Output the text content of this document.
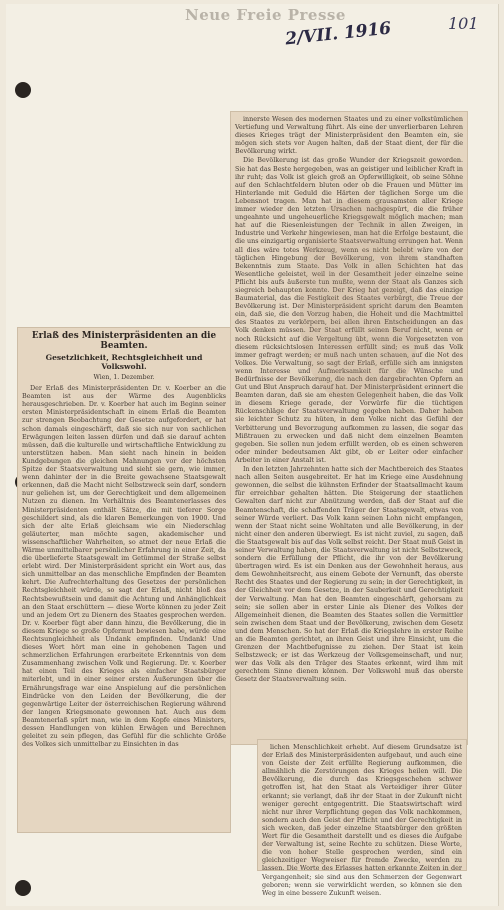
Neue Freie Presse
2/VII. 1916	101

innerste Wesen des modernen Staates und zu einer volkstümlichen Vertiefung und Verwaltung führt. Als eine der unverlierbaren Lehren dieses Krieges trägt der Ministerpräsident den Beamten ein, sie mögen sich stets vor Augen halten, daß der Staat dient, der für die Bevölkerung wirkt.

Die Bevölkerung ist das große Wunder der Kriegszeit geworden. Sie hat das Beste hergegeben, was an geistiger und leiblicher Kraft in ihr ruht; das Volk ist gleich groß an Opferwilligkeit, ob seine Söhne auf den Schlachtfeldern bluten oder ob die Frauen und Mütter im Hinterlande mit Geduld die Härten der täglichen Sorge um die Lebensnot tragen. Man hat in diesem grausamsten aller Kriege immer wieder den letzten Ursachen nachgespürt, die die früher ungeahnte und ungeheuerliche Kriegsgewalt möglich machen; man hat auf die Riesenleistungen der Technik in allen Zweigen, in Industrie und Verkehr hingewiesen, man hat die Erfolge bestaunt, die die uns einzigartig organisierte Staatsverwaltung errungen hat. Wenn all dies wäre totes Werkzeug, wenn es nicht belebt wäre von der täglichen Hingebung der Bevölkerung, von ihrem standhaften Bekenntnis zum Staate. Das Volk in allen Schichten hat das Wesentliche geleistet, weil in der Gesamtheit jeder einzelne seine Pflicht bis aufs äußerste tun mußte, wenn der Staat als Ganzes sich siegreich behaupten konnte. Der Krieg hat gezeigt, daß das einzige Baumaterial, das die Festigkeit des Staates verbürgt, die Treue der Bevölkerung ist. Der Ministerpräsident spricht darum den Beamten ein, daß sie, die den Vorzug haben, die Hoheit und die Machtmittel des Staates zu verkörpern, bei allen ihren Entscheidungen an das Volk denken müssen. Der Staat erfüllt seinen Beruf nicht, wenn er noch Rücksicht auf die Vergeltung übt, wenn die Vorgesetzten von diesem rücksichtslosen Interessen erfüllt sind; es muß das Volk immer gefragt werden; er muß nach unten schauen, auf die Not des Volkes. Die Verwaltung, so sagt der Erlaß, erfülle sich am innigsten wenn Interesse und Aufmerksamkeit für die Wünsche und Bedürfnisse der Bevölkerung, die nach den dargebrachten Opfern an Gut und Blut Anspruch darauf hat. Der Ministerpräsident erinnert die Beamten daran, daß sie am ehesten Gelegenheit haben, die das Volk in diesem Kriege gerade, der Vorwürfe für die tüchtigen Rückenschläge der Staatsverwaltung gegeben haben. Daher haben sie leichter Schutz zu hüten, in dem Volke nicht das Gefühl der Verbitterung und Bevorzugung aufkommen zu lassen, die sogar das Mißtrauen zu erwecken und daß nicht dem einzelnen Beamten gegeben. Sie sollen nun jedem erfüllt werden, ob es einen schweren oder minder bedeutsamen Akt gibt, ob er Leiter oder einfacher Arbeiter in einer Anstalt ist.

In den letzten Jahrzehnten hatte sich der Machtbereich des Staates nach allen Seiten ausgebreitet. Er hat im Kriege eine Ausdehnung gewonnen, die selbst die kühnsten Erfinder der Staatsallmacht kaum für erreichbar gehalten hätten. Die Steigerung der staatlichen Gewalten darf nicht zur Abnützung werden, daß der Staat auf die Beamtenschaft, die schaffenden Träger der Staatsgewalt, etwas von seiner Würde verliert. Das Volk kann seinen Lohn nicht empfangen, wenn der Staat nicht seine Wohltaten und alle Bevölkerung, in der nicht einer den anderen überwiegt. Es ist nicht zuviel, zu sagen, daß die Staatsgewalt bis auf das Volk selbst reicht. Der Staat muß Geist in seiner Verwaltung haben, die Staatsverwaltung ist nicht Selbstzweck, sondern die Erfüllung der Pflicht, die ihr von der Bevölkerung übertragen wird. Es ist ein Denken aus der Gewohnheit heraus, aus dem Gewohnheitsrecht, aus einem Gebote der Vernunft, das oberste Recht des Staates und der Regierung zu sein; in der Gerechtigkeit, in der Gleichheit vor dem Gesetze, in der Sauberkeit und Gerechtigkeit der Verwaltung. Man hat den Beamten eingeschärft, gehorsam zu sein; sie sollen aber in erster Linie als Diener des Volkes der Allgemeinheit dienen, die Beamten des Staates sollen die Vermittler sein zwischen dem Staat und der Bevölkerung, zwischen dem Gesetz und dem Menschen. So hat der Erlaß die Kriegslehre in erster Reihe an die Beamten gerichtet, an ihren Geist und ihre Einsicht, um die Grenzen der Machtbefugnisse zu ziehen. Der Staat ist kein Selbstzweck; er ist das Werkzeug der Volksgemeinschaft, und nur, wer das Volk als den Träger des Staates erkennt, wird ihm mit gerechtem Sinne dienen können. Der Volkswohl muß das oberste Gesetz der Staatsverwaltung sein.

Erlaß des Ministerpräsidenten an die Beamten.
Gesetzlichkeit, Rechtsgleichheit und Volkswohl.
Wien, 1. Dezember.

Der Erlaß des Ministerpräsidenten Dr. v. Koerber an die Beamten ist aus der Wärme des Augenblicks herausgeschrieben. Dr. v. Koerber hat auch im Beginn seiner ersten Ministerpräsidentschaft in einem Erlaß die Beamten zur strengen Beobachtung der Gesetze aufgefordert, er hat schon damals eingeschärft, daß sie sich nur von sachlichen Erwägungen leiten lassen dürfen und daß sie darauf achten müssen, daß die kulturelle und wirtschaftliche Entwicklung zu unterstützen haben. Man sieht nach hinein in beiden Kundgebungen die gleichen Mahnungen vor der höchsten Spitze der Staatsverwaltung und sieht sie gern, wie immer, wenn dahinter der in die Breite gewachsene Staatsgewalt erkennen, daß die Macht nicht Selbstzweck sein darf, sondern nur geliehen ist, um der Gerechtigkeit und dem allgemeinen Nutzen zu dienen. Im Verhältnis des Beamtenerlasses des Ministerpräsidenten enthält Sätze, die mit tieferer Sorge geschildert sind, als die klaren Bemerkungen von 1900. Und sich der alte Erlaß gleichsam wie ein Niederschlag geläuterter, man möchte sagen, akademischer und wissenschaftlicher Wahrheiten, so atmet der neue Erlaß die Wärme unmittelbarer persönlicher Erfahrung in einer Zeit, da die überlieferte Staatsgewalt im Getümmel der Straße selbst erlebt wird. Der Ministerpräsident spricht ein Wort aus, das sich unmittelbar an das menschliche Empfinden der Beamten kehrt. Die Aufrechterhaltung des Gesetzes der persönlichen Rechtsgleichheit würde, so sagt der Erlaß, nicht bloß das Rechtsbewußtsein und damit die Achtung und Anhänglichkeit an den Staat erschüttern — diese Worte können zu jeder Zeit und an jedem Ort zu Dienern des Staates gesprochen werden. Dr. v. Koerber fügt aber dann hinzu, die Bevölkerung, die in diesem Kriege so große Opfermut bewiesen habe, würde eine Rechtsungleichheit als Undank empfinden. Undank! Und dieses Wort hört man eine in gehobenen Tagen und schmerzlichen Erfahrungen erarbeitete Erkenntnis von dem Zusammenhang zwischen Volk und Regierung. Dr. v. Koerber hat einen Teil des Krieges als einfacher Staatsbürger miterlebt, und in einer seiner ersten Äußerungen über die Ernährungsfrage war eine Anspielung auf die persönlichen Eindrücke von den Leiden der Bevölkerung, die der gegenwärtige Leiter der österreichischen Regierung während der langen Kriegsmonate gewonnen hat. Auch aus dem Beamtenerlaß spürt man, wie in dem Kopfe eines Ministers, dessen Handlungen von kühlen Erwägen und Berechnen geleitet zu sein pflegen, das Gefühl für die schlichte Größe des Volkes sich unmittelbar zu Einsichten in das	lichen Menschlichkeit erhebt. Auf diesem Grundsatze ist der Erlaß des Ministerpräsidenten aufgebaut, und auch eine von Geiste der Zeit erfüllte Regierung aufkommen, die allmählich die Zerstörungen des Krieges heilen will. Die Bevölkerung, die durch das Kriegsgeschehen schwer getroffen ist, hat den Staat als Verteidiger ihrer Güter erkannt; sie verlangt, daß ihr der Staat in der Zukunft nicht weniger gerecht entgegentritt. Die Staatswirtschaft wird nicht nur ihrer Verpflichtung gegen das Volk nachkommen, sondern auch den Geist der Pflicht und der Gerechtigkeit in sich wecken, daß jeder einzelne Staatsbürger den größten Wert für die Gesamtheit darstellt und es dieses die Aufgabe der Verwaltung ist, seine Rechte zu schützen. Diese Worte, die von hoher Stelle gesprochen werden, sind ein gleichzeitiger Wegweiser für fremde Zwecke, werden zu lassen. Die Worte des Erlasses hatten erkannte Zeiten in der Vergangenheit; sie sind aus den Schmerzen der Gegenwart geboren; wenn sie verwirklicht werden, so können sie den Weg in eine bessere Zukunft weisen.
